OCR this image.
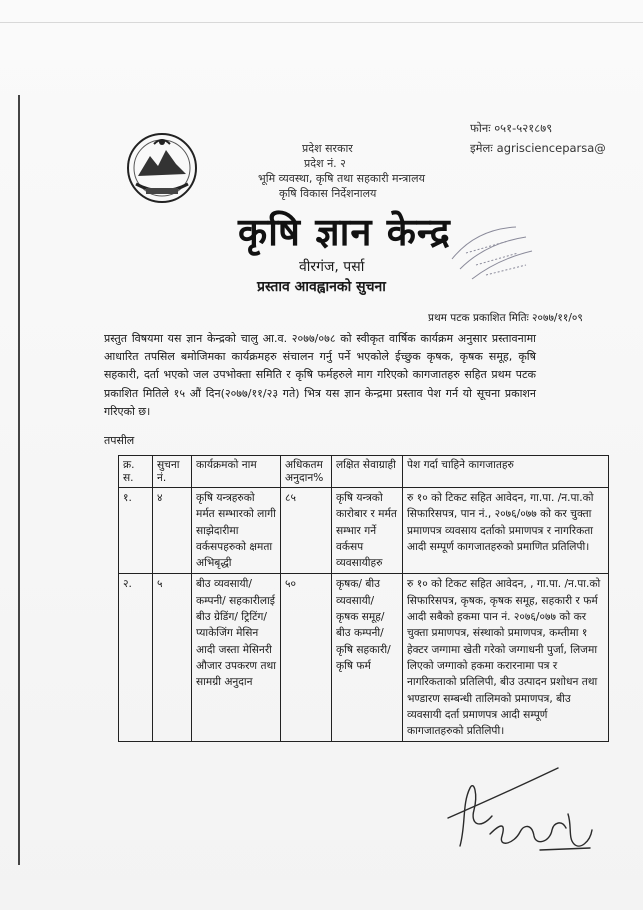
प्रदेश सरकार
प्रदेश नं. २
भूमि व्यवस्था, कृषि तथा सहकारी मन्त्रालय
कृषि विकास निर्देशनालय
फोनः ०५१-५२१८७९
इमेलः agriscienceparsa@
कृषि ज्ञान केन्द्र
वीरगंज, पर्सा
प्रस्ताव आवह्वानको सुचना
प्रथम पटक प्रकाशित मितिः २०७७/११/०९

प्रस्तुत विषयमा यस ज्ञान केन्द्रको चालु आ.व. २०७७/०७८ को स्वीकृत वार्षिक कार्यक्रम अनुसार प्रस्तावनामा आधारित तपसिल बमोजिमका कार्यक्रमहरु संचालन गर्नु पर्ने भएकोले ईच्छुक कृषक, कृषक समूह, कृषि सहकारी, दर्ता भएको जल उपभोक्ता समिति र कृषि फर्महरुले माग गरिएको कागजातहरु सहित प्रथम पटक प्रकाशित मितिले १५ औं दिन(२०७७/११/२३ गते) भित्र यस ज्ञान केन्द्रमा प्रस्ताव पेश गर्न यो सूचना प्रकाशन गरिएको छ।

तपसील
क्र. स.	सुचना नं.	कार्यक्रमको नाम	अधिकतम अनुदान%	लक्षित सेवाग्राही	पेश गर्दा चाहिने कागजातहरु
१.	४	कृषि यन्त्रहरुको मर्मत सम्भारको लागी साझेदारीमा वर्कसपहरुको क्षमता अभिबृद्धी	८५	कृषि यन्त्रको कारोबार र मर्मत सम्भार गर्ने वर्कसप व्यवसायीहरु	रु १० को टिकट सहित आवेदन, गा.पा. /न.पा.को सिफारिसपत्र, पान नं., २०७६/०७७ को कर चुक्ता प्रमाणपत्र व्यवसाय दर्ताको प्रमाणपत्र र नागरिकता आदी सम्पूर्ण कागजातहरुको प्रमाणित प्रतिलिपी।
२.	५	बीउ व्यवसायी/ कम्पनी/ सहकारीलाई बीउ ग्रेडिंग/ ट्रिटिंग/ प्याकेजिंग मेसिन आदी जस्ता मेसिनरी औजार उपकरण तथा सामग्री अनुदान	५०	कृषक/ बीउ व्यवसायी/ कृषक समूह/ बीउ कम्पनी/ कृषि सहकारी/ कृषि फर्म	रु १० को टिकट सहित आवेदन, , गा.पा. /न.पा.को सिफारिसपत्र, कृषक, कृषक समूह, सहकारी र फर्म आदी सबैको हकमा पान नं. २०७६/०७७ को कर चुक्ता प्रमाणपत्र, संस्थाको प्रमाणपत्र, कम्तीमा १ हेक्टर जग्गामा खेती गरेको जग्गाधनी पुर्जा, लिजमा लिएको जग्गाको हकमा करारनामा पत्र र नागरिकताको प्रतिलिपी, बीउ उत्पादन प्रशोधन तथा भण्डारण सम्बन्धी तालिमको प्रमाणपत्र, बीउ व्यवसायी दर्ता प्रमाणपत्र आदी सम्पूर्ण कागजातहरुको प्रतिलिपी।
